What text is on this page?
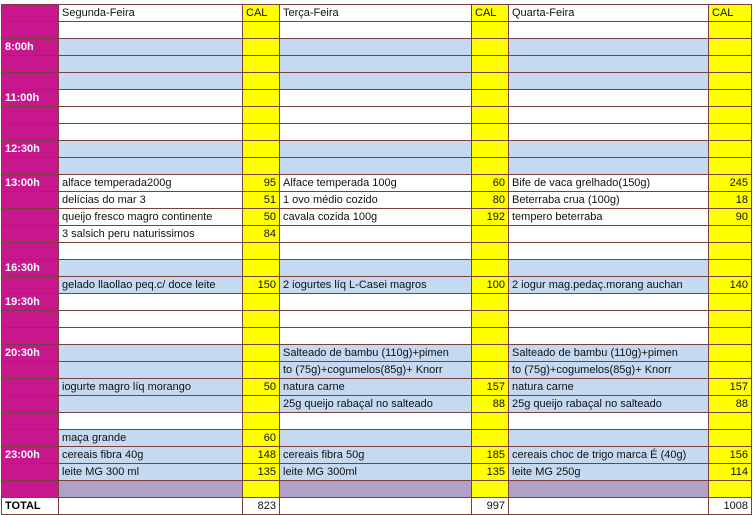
	Segunda-Feira	CAL	Terça-Feira	CAL	Quarta-Feira	CAL

8:00h						

11:00h						

12:30h						

13:00h	alface temperada200g	95	Alface temperada 100g	60	Bife de vaca grelhado(150g)	245
	delícias do mar 3	51	1 ovo médio cozido	80	Beterraba crua (100g)	18
	queijo fresco magro continente	50	cavala cozida 100g	192	tempero beterraba	90
	3 salsich peru naturissimos	84				

16:30h						
	gelado llaollao peq.c/ doce leite	150	2 iogurtes líq L-Casei magros	100	2 iogur mag.pedaç.morang auchan	140
19:30h						

20:30h			Salteado de bambu (110g)+pimen		Salteado de bambu (110g)+pimen	
			to (75g)+cogumelos(85g)+ Knorr		to (75g)+cogumelos(85g)+ Knorr	
	iogurte magro líq morango	50	natura carne	157	natura carne	157
			25g queijo rabaçal no salteado	88	25g queijo rabaçal no salteado	88

	maça grande	60				
23:00h	cereais fibra 40g	148	cereais fibra 50g	185	cereais choc de trigo marca É (40g)	156
	leite MG 300 ml	135	leite MG 300ml	135	leite MG 250g	114

TOTAL		823		997		1008
